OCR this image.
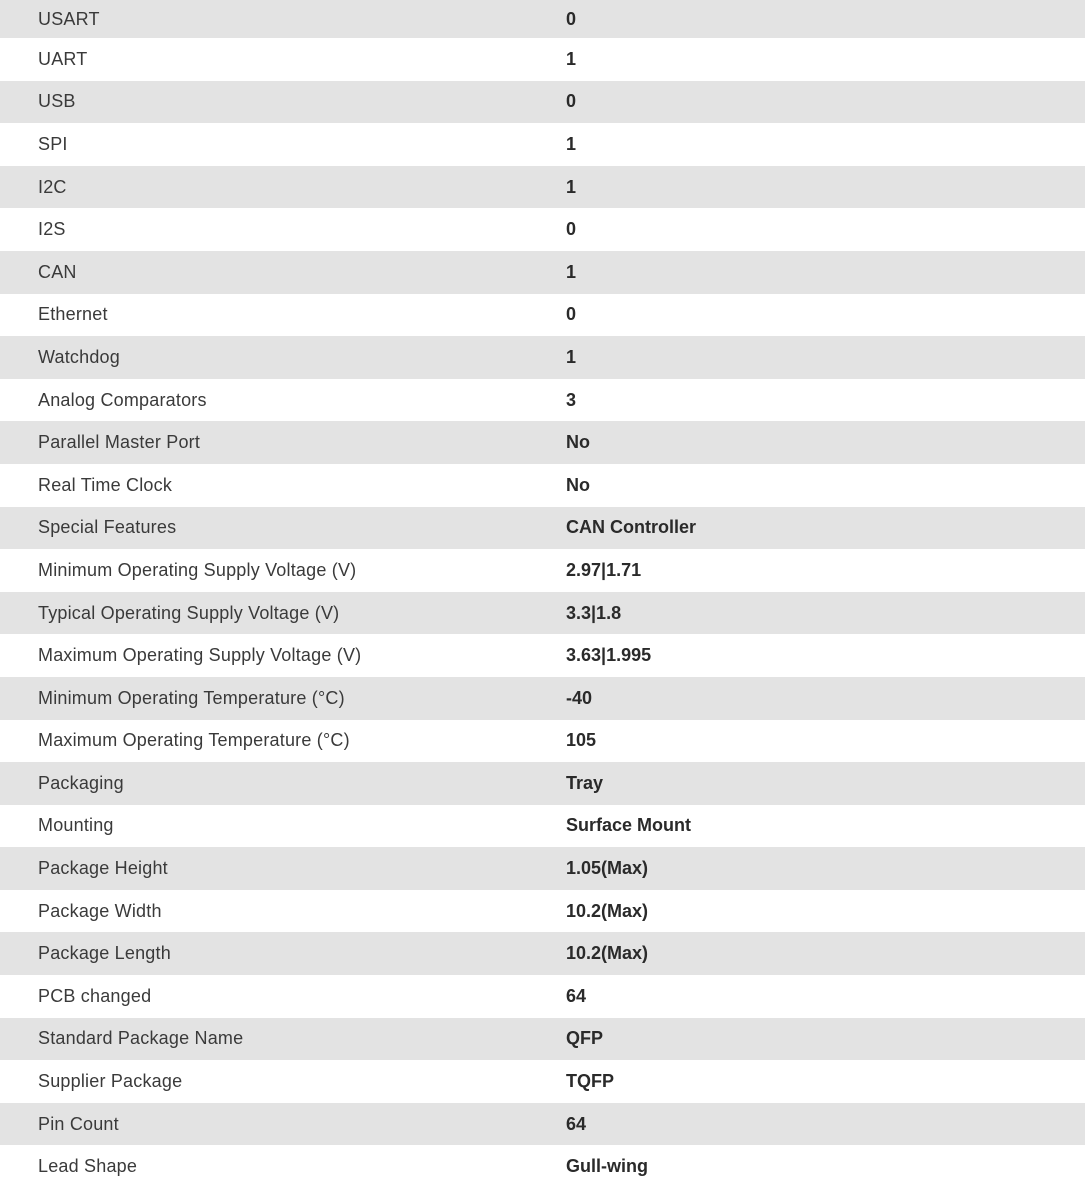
USART	0
UART	1
USB	0
SPI	1
I2C	1
I2S	0
CAN	1
Ethernet	0
Watchdog	1
Analog Comparators	3
Parallel Master Port	No
Real Time Clock	No
Special Features	CAN Controller
Minimum Operating Supply Voltage (V)	2.97|1.71
Typical Operating Supply Voltage (V)	3.3|1.8
Maximum Operating Supply Voltage (V)	3.63|1.995
Minimum Operating Temperature (°C)	-40
Maximum Operating Temperature (°C)	105
Packaging	Tray
Mounting	Surface Mount
Package Height	1.05(Max)
Package Width	10.2(Max)
Package Length	10.2(Max)
PCB changed	64
Standard Package Name	QFP
Supplier Package	TQFP
Pin Count	64
Lead Shape	Gull-wing
